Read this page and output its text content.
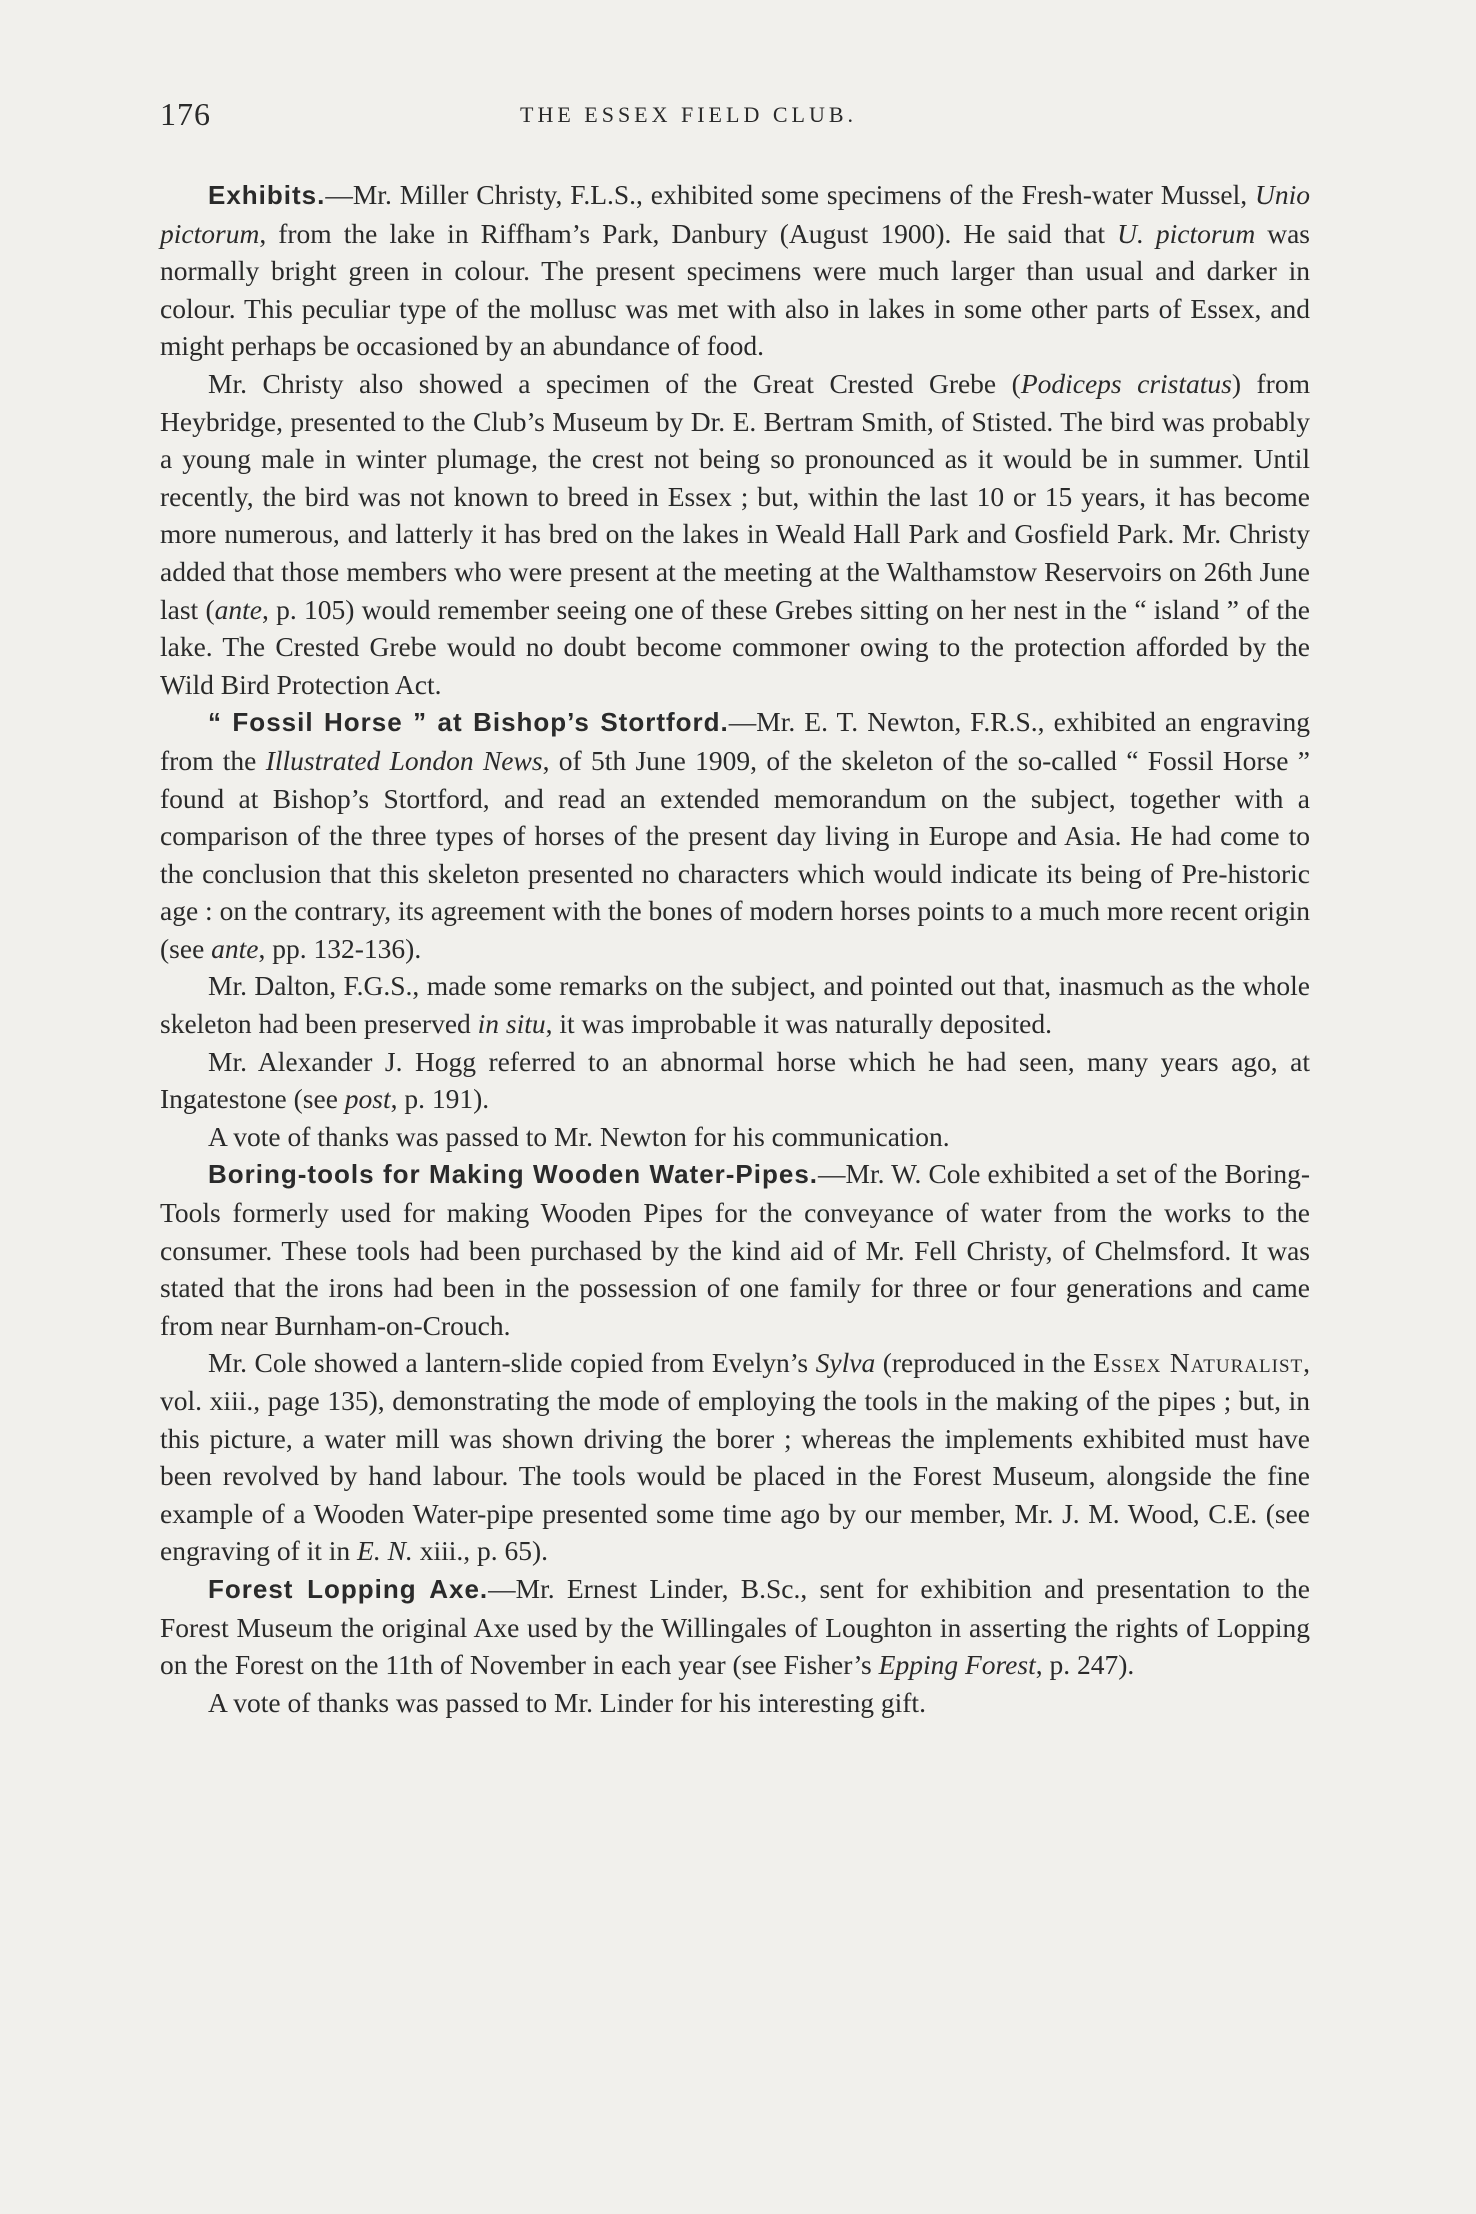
176	THE ESSEX FIELD CLUB.

Exhibits.—Mr. Miller Christy, F.L.S., exhibited some specimens of the Fresh-water Mussel, Unio pictorum, from the lake in Riffham’s Park, Danbury (August 1900). He said that U. pictorum was normally bright green in colour. The present specimens were much larger than usual and darker in colour. This peculiar type of the mollusc was met with also in lakes in some other parts of Essex, and might perhaps be occasioned by an abundance of food.

Mr. Christy also showed a specimen of the Great Crested Grebe (Podiceps cristatus) from Heybridge, presented to the Club’s Museum by Dr. E. Bertram Smith, of Stisted. The bird was probably a young male in winter plumage, the crest not being so pronounced as it would be in summer. Until recently, the bird was not known to breed in Essex ; but, within the last 10 or 15 years, it has become more numerous, and latterly it has bred on the lakes in Weald Hall Park and Gosfield Park. Mr. Christy added that those members who were present at the meeting at the Walthamstow Reservoirs on 26th June last (ante, p. 105) would remember seeing one of these Grebes sitting on her nest in the “ island ” of the lake. The Crested Grebe would no doubt become commoner owing to the protection afforded by the Wild Bird Protection Act.

“ Fossil Horse ” at Bishop’s Stortford.—Mr. E. T. Newton, F.R.S., exhibited an engraving from the Illustrated London News, of 5th June 1909, of the skeleton of the so-called “ Fossil Horse ” found at Bishop’s Stortford, and read an extended memorandum on the subject, together with a comparison of the three types of horses of the present day living in Europe and Asia. He had come to the conclusion that this skeleton presented no characters which would indicate its being of Pre-historic age : on the contrary, its agreement with the bones of modern horses points to a much more recent origin (see ante, pp. 132-136).

Mr. Dalton, F.G.S., made some remarks on the subject, and pointed out that, inasmuch as the whole skeleton had been preserved in situ, it was improbable it was naturally deposited.

Mr. Alexander J. Hogg referred to an abnormal horse which he had seen, many years ago, at Ingatestone (see post, p. 191).

A vote of thanks was passed to Mr. Newton for his communication.

Boring-tools for Making Wooden Water-Pipes.—Mr. W. Cole exhibited a set of the Boring-Tools formerly used for making Wooden Pipes for the conveyance of water from the works to the consumer. These tools had been purchased by the kind aid of Mr. Fell Christy, of Chelmsford. It was stated that the irons had been in the possession of one family for three or four generations and came from near Burnham-on-Crouch.

Mr. Cole showed a lantern-slide copied from Evelyn’s Sylva (reproduced in the Essex Naturalist, vol. xiii., page 135), demonstrating the mode of employing the tools in the making of the pipes ; but, in this picture, a water mill was shown driving the borer ; whereas the implements exhibited must have been revolved by hand labour. The tools would be placed in the Forest Museum, alongside the fine example of a Wooden Water-pipe presented some time ago by our member, Mr. J. M. Wood, C.E. (see engraving of it in E. N. xiii., p. 65).

Forest Lopping Axe.—Mr. Ernest Linder, B.Sc., sent for exhibition and presentation to the Forest Museum the original Axe used by the Willingales of Loughton in asserting the rights of Lopping on the Forest on the 11th of November in each year (see Fisher’s Epping Forest, p. 247).

A vote of thanks was passed to Mr. Linder for his interesting gift.
